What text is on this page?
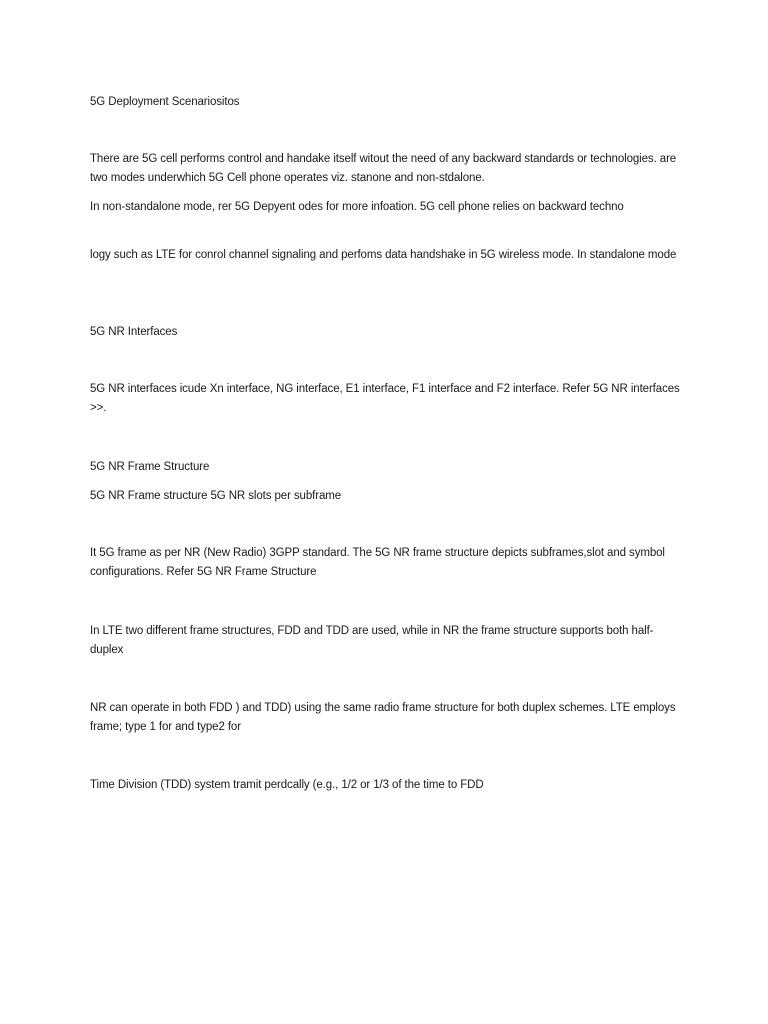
5G Deployment Scenariositos

There are 5G cell performs control and handake itself witout the need of any backward standards or technologies. are two modes underwhich 5G Cell phone operates viz. stanone and non-stdalone.

In non-standalone mode, rer 5G Depyent odes for more infoation. 5G cell phone relies on backward techno

logy such as LTE for conrol channel signaling and perfoms data handshake in 5G wireless mode. In standalone mode

5G NR Interfaces

5G NR interfaces icude Xn interface, NG interface, E1 interface, F1 interface and F2 interface. Refer 5G NR interfaces >>.

5G NR Frame Structure

5G NR Frame structure 5G NR slots per subframe

It 5G frame as per NR (New Radio) 3GPP standard. The 5G NR frame structure depicts subframes,slot and symbol configurations. Refer 5G NR Frame Structure

In LTE two different frame structures, FDD and TDD are used, while in NR the frame structure supports both half-duplex

NR can operate in both FDD ) and TDD) using the same radio frame structure for both duplex schemes. LTE employs frame; type 1 for and type2 for

Time Division (TDD) system tramit perdcally (e.g., 1/2 or 1/3 of the time to FDD
